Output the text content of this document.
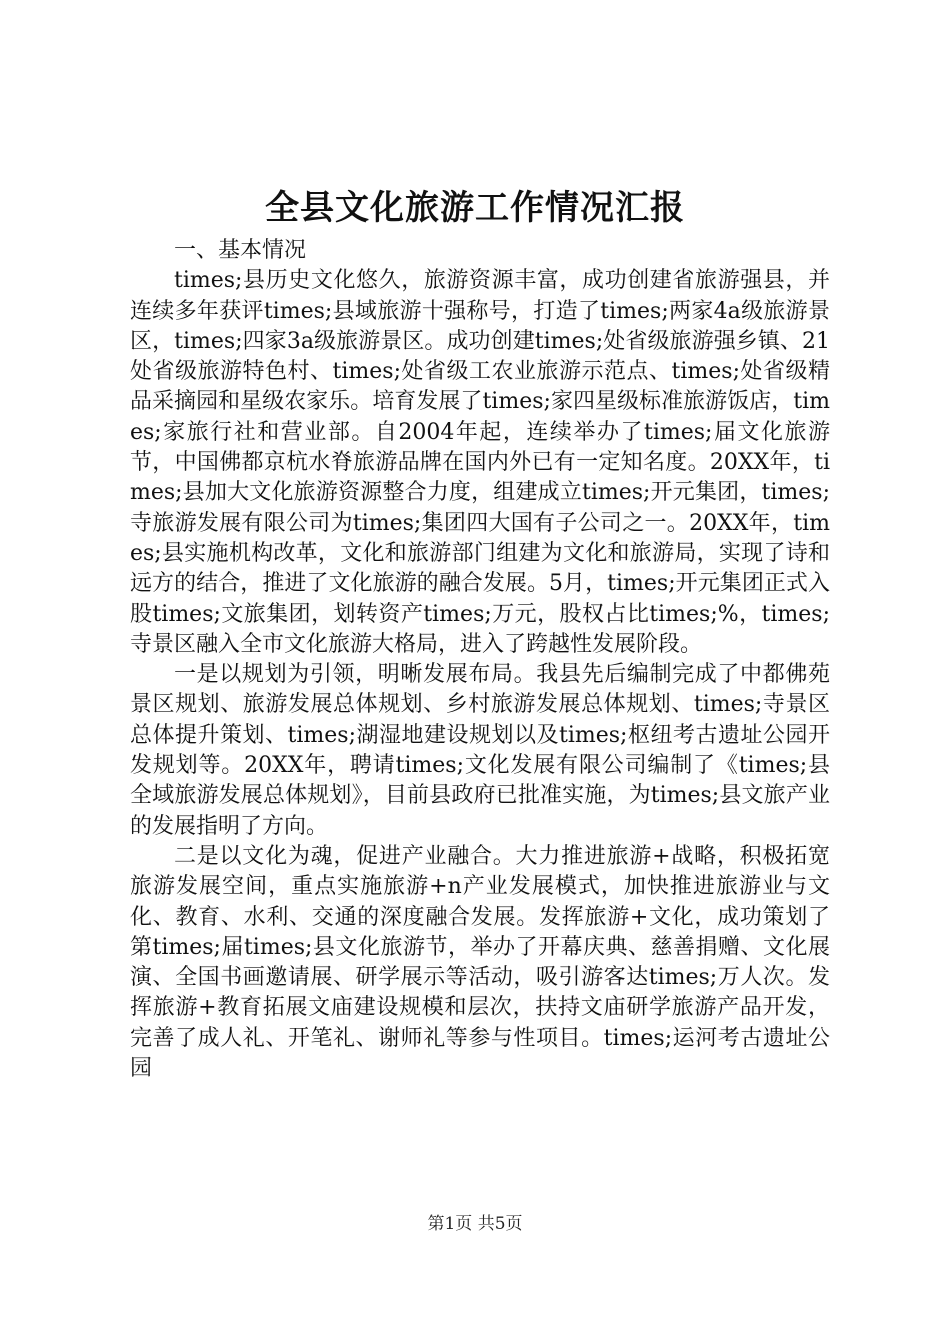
全县文化旅游工作情况汇报

一、基本情况

times;县历史文化悠久，旅游资源丰富，成功创建省旅游强县，并连续多年获评times;县域旅游十强称号，打造了times;两家4a级旅游景区，times;四家3a级旅游景区。成功创建times;处省级旅游强乡镇、21处省级旅游特色村、times;处省级工农业旅游示范点、times;处省级精品采摘园和星级农家乐。培育发展了times;家四星级标准旅游饭店，times;家旅行社和营业部。自2004年起，连续举办了times;届文化旅游节，中国佛都京杭水脊旅游品牌在国内外已有一定知名度。20XX年，times;县加大文化旅游资源整合力度，组建成立times;开元集团，times;寺旅游发展有限公司为times;集团四大国有子公司之一。20XX年，times;县实施机构改革，文化和旅游部门组建为文化和旅游局，实现了诗和远方的结合，推进了文化旅游的融合发展。5月，times;开元集团正式入股times;文旅集团，划转资产times;万元，股权占比times;%，times;寺景区融入全市文化旅游大格局，进入了跨越性发展阶段。

一是以规划为引领，明晰发展布局。我县先后编制完成了中都佛苑景区规划、旅游发展总体规划、乡村旅游发展总体规划、times;寺景区总体提升策划、times;湖湿地建设规划以及times;枢纽考古遗址公园开发规划等。20XX年，聘请times;文化发展有限公司编制了《times;县全域旅游发展总体规划》，目前县政府已批准实施，为times;县文旅产业的发展指明了方向。

二是以文化为魂，促进产业融合。大力推进旅游+战略，积极拓宽旅游发展空间，重点实施旅游+n产业发展模式，加快推进旅游业与文化、教育、水利、交通的深度融合发展。发挥旅游+文化，成功策划了第times;届times;县文化旅游节，举办了开幕庆典、慈善捐赠、文化展演、全国书画邀请展、研学展示等活动，吸引游客达times;万人次。发挥旅游+教育拓展文庙建设规模和层次，扶持文庙研学旅游产品开发，完善了成人礼、开笔礼、谢师礼等参与性项目。times;运河考古遗址公园

第1页 共5页
